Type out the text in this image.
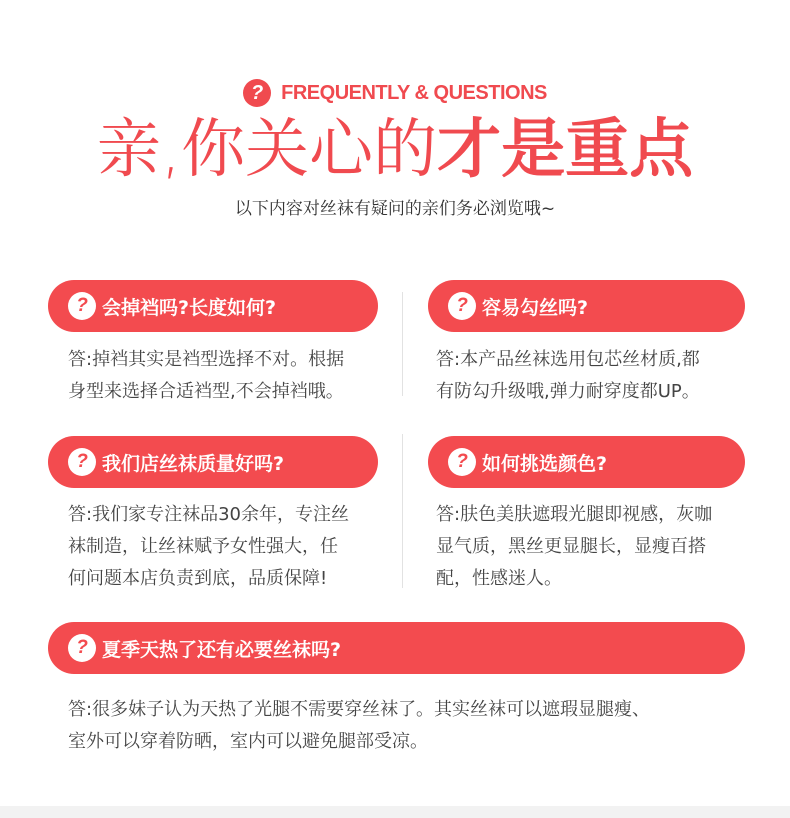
? FREQUENTLY & QUESTIONS
亲,你关心的才是重点
以下内容对丝袜有疑问的亲们务必浏览哦~
? 会掉裆吗?长度如何?
答:掉裆其实是裆型选择不对。根据
身型来选择合适裆型,不会掉裆哦。
? 容易勾丝吗?
答:本产品丝袜选用包芯丝材质,都
有防勾升级哦,弹力耐穿度都UP。
? 我们店丝袜质量好吗?
答:我们家专注袜品30余年，专注丝
袜制造，让丝袜赋予女性强大，任
何问题本店负责到底，品质保障!
? 如何挑选颜色?
答:肤色美肤遮瑕光腿即视感，灰咖
显气质，黑丝更显腿长，显瘦百搭
配，性感迷人。
? 夏季天热了还有必要丝袜吗?
答:很多妹子认为天热了光腿不需要穿丝袜了。其实丝袜可以遮瑕显腿瘦、
室外可以穿着防晒，室内可以避免腿部受凉。
